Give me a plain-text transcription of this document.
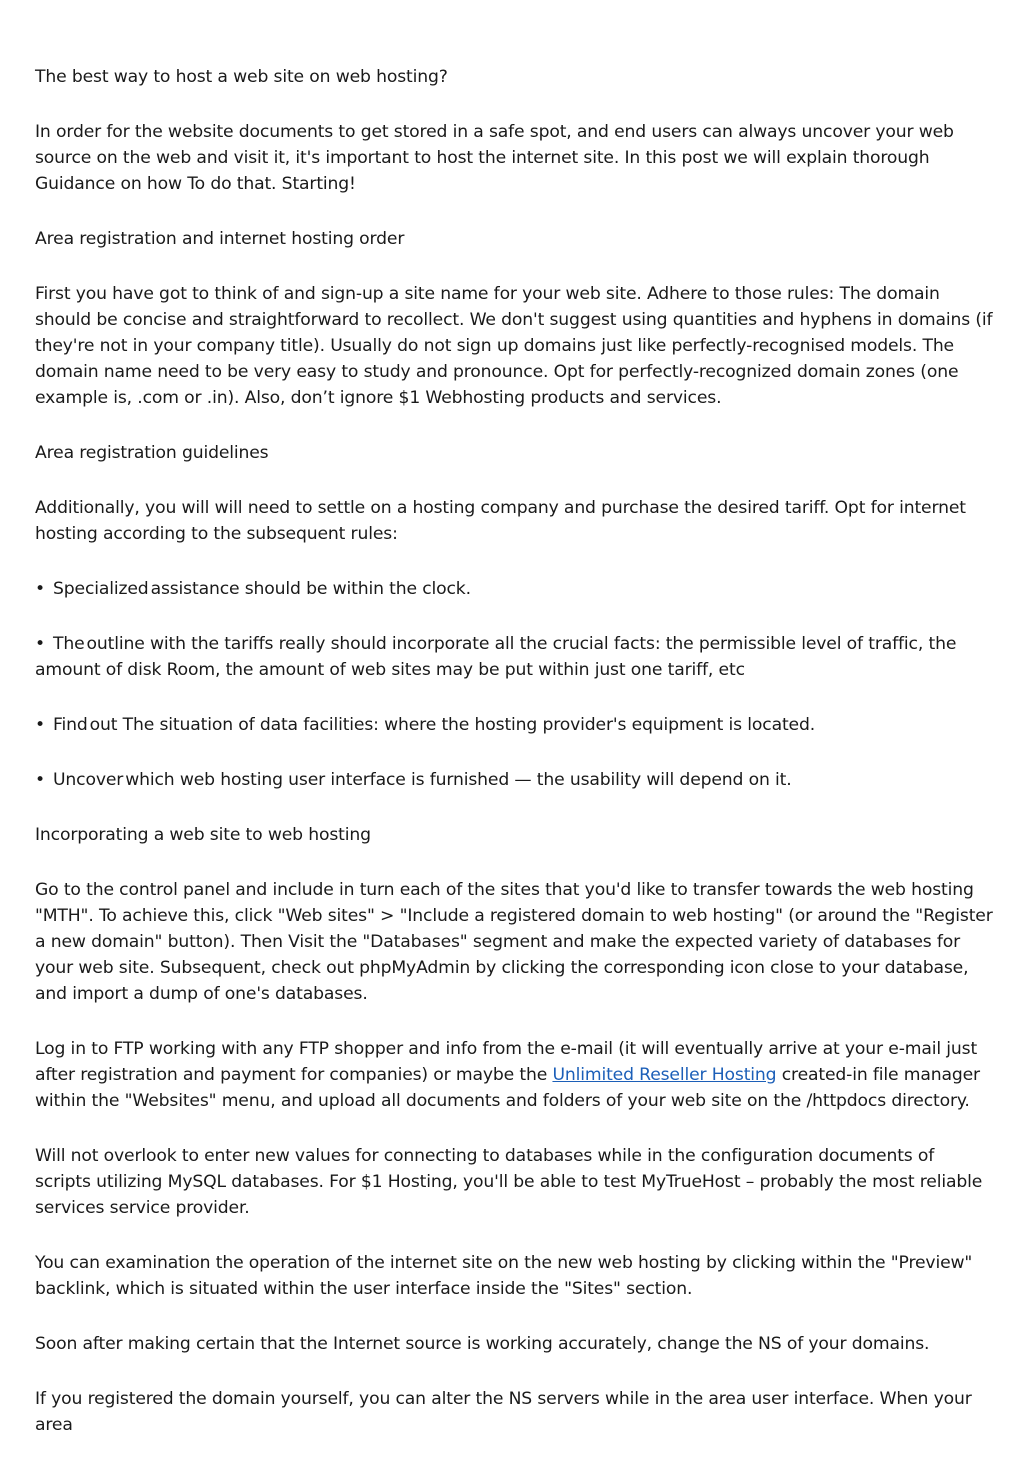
The best way to host a web site on web hosting?

In order for the website documents to get stored in a safe spot, and end users can always uncover your web source on the web and visit it, it's important to host the internet site. In this post we will explain thorough Guidance on how To do that. Starting!

Area registration and internet hosting order

First you have got to think of and sign-up a site name for your web site. Adhere to those rules: The domain should be concise and straightforward to recollect. We don't suggest using quantities and hyphens in domains (if they're not in your company title). Usually do not sign up domains just like perfectly-recognised models. The domain name need to be very easy to study and pronounce. Opt for perfectly-recognized domain zones (one example is, .com or .in). Also, don’t ignore $1 Webhosting products and services.

Area registration guidelines

Additionally, you will will need to settle on a hosting company and purchase the desired tariff. Opt for internet hosting according to the subsequent rules:

• Specialized assistance should be within the clock.

• The outline with the tariffs really should incorporate all the crucial facts: the permissible level of traffic, the amount of disk Room, the amount of web sites may be put within just one tariff, etc

• Find out The situation of data facilities: where the hosting provider's equipment is located.

• Uncover which web hosting user interface is furnished — the usability will depend on it.

Incorporating a web site to web hosting

Go to the control panel and include in turn each of the sites that you'd like to transfer towards the web hosting "MTH". To achieve this, click "Web sites" > "Include a registered domain to web hosting" (or around the "Register a new domain" button). Then Visit the "Databases" segment and make the expected variety of databases for your web site. Subsequent, check out phpMyAdmin by clicking the corresponding icon close to your database, and import a dump of one's databases.

Log in to FTP working with any FTP shopper and info from the e-mail (it will eventually arrive at your e-mail just after registration and payment for companies) or maybe the Unlimited Reseller Hosting created-in file manager within the "Websites" menu, and upload all documents and folders of your web site on the /httpdocs directory.

Will not overlook to enter new values for connecting to databases while in the configuration documents of scripts utilizing MySQL databases. For $1 Hosting, you'll be able to test MyTrueHost – probably the most reliable services service provider.

You can examination the operation of the internet site on the new web hosting by clicking within the "Preview" backlink, which is situated within the user interface inside the "Sites" section.

Soon after making certain that the Internet source is working accurately, change the NS of your domains.

If you registered the domain yourself, you can alter the NS servers while in the area user interface. When your area
